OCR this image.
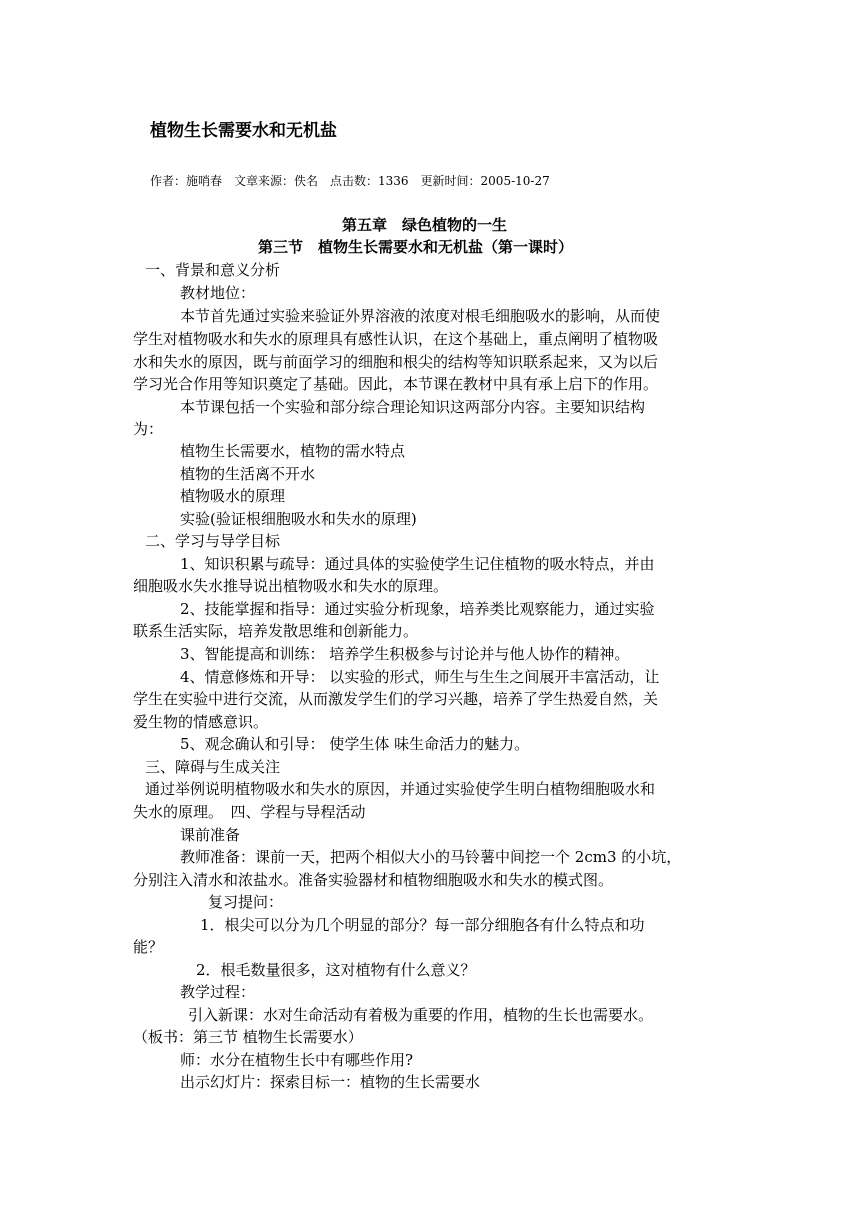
植物生长需要水和无机盐
作者：施哨春　文章来源：佚名　点击数：1336　更新时间：2005-10-27
第五章　绿色植物的一生
第三节　植物生长需要水和无机盐（第一课时）
一、背景和意义分析
教材地位：
本节首先通过实验来验证外界溶液的浓度对根毛细胞吸水的影响，从而使
学生对植物吸水和失水的原理具有感性认识，在这个基础上，重点阐明了植物吸
水和失水的原因，既与前面学习的细胞和根尖的结构等知识联系起来，又为以后
学习光合作用等知识奠定了基础。因此，本节课在教材中具有承上启下的作用。
本节课包括一个实验和部分综合理论知识这两部分内容。主要知识结构
为：
植物生长需要水，植物的需水特点
植物的生活离不开水
植物吸水的原理
实验(验证根细胞吸水和失水的原理)
二、学习与导学目标
1、知识积累与疏导：通过具体的实验使学生记住植物的吸水特点，并由
细胞吸水失水推导说出植物吸水和失水的原理。
2、技能掌握和指导：通过实验分析现象，培养类比观察能力，通过实验
联系生活实际，培养发散思维和创新能力。
3、智能提高和训练： 培养学生积极参与讨论并与他人协作的精神。
4、情意修炼和开导： 以实验的形式，师生与生生之间展开丰富活动，让
学生在实验中进行交流，从而激发学生们的学习兴趣，培养了学生热爱自然，关
爱生物的情感意识。
5、观念确认和引导： 使学生体 味生命活力的魅力。
三、障碍与生成关注
通过举例说明植物吸水和失水的原因，并通过实验使学生明白植物细胞吸水和
失水的原理。　四、学程与导程活动
课前准备
教师准备：课前一天，把两个相似大小的马铃薯中间挖一个 2cm3 的小坑，
分别注入清水和浓盐水。准备实验器材和植物细胞吸水和失水的模式图。
复习提问：
1．根尖可以分为几个明显的部分？每一部分细胞各有什么特点和功
能？
2．根毛数量很多，这对植物有什么意义？
教学过程：
引入新课：水对生命活动有着极为重要的作用，植物的生长也需要水。
（板书：第三节 植物生长需要水）
师：水分在植物生长中有哪些作用?
出示幻灯片：探索目标一：植物的生长需要水
